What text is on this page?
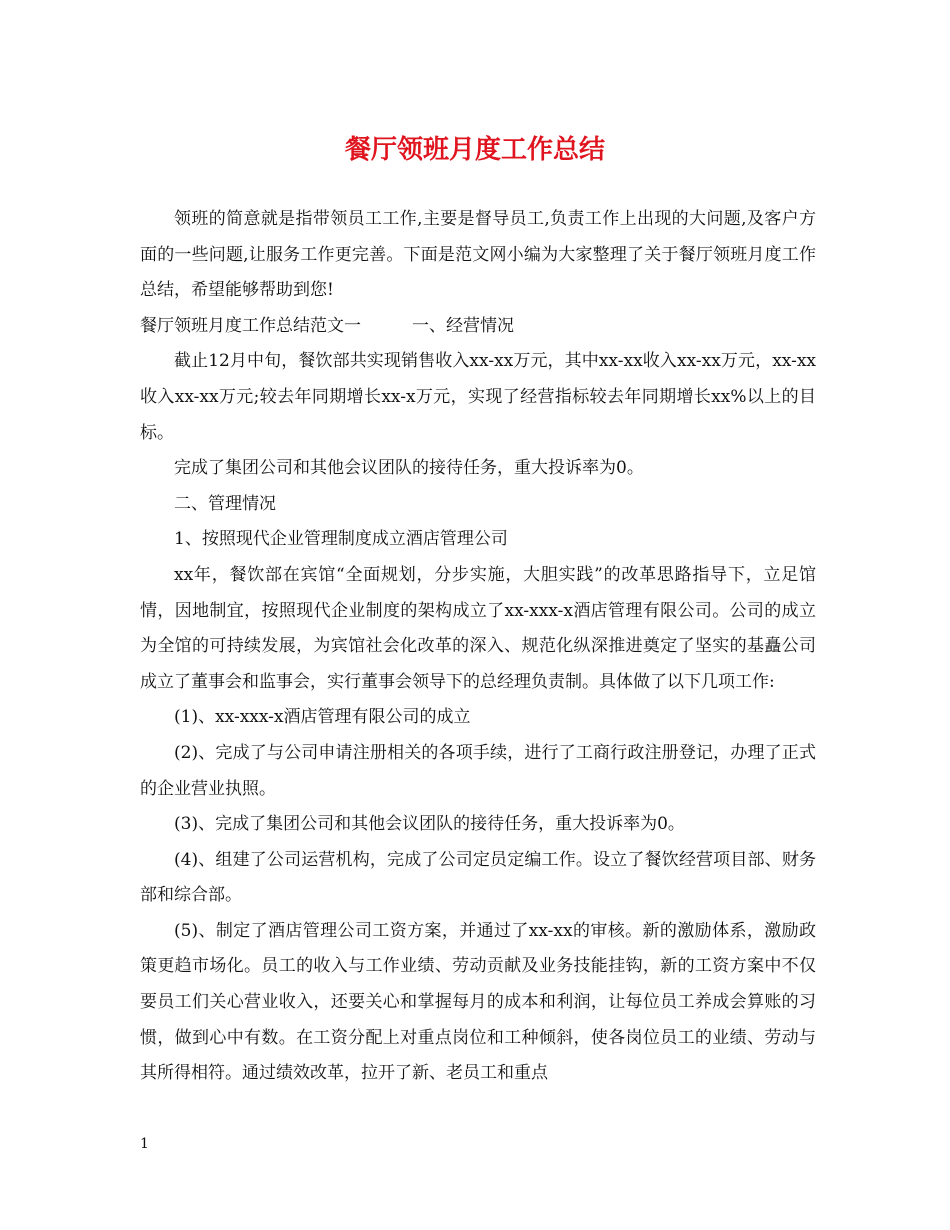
餐厅领班月度工作总结

领班的简意就是指带领员工工作,主要是督导员工,负责工作上出现的大问题,及客户方面的一些问题,让服务工作更完善。下面是范文网小编为大家整理了关于餐厅领班月度工作总结，希望能够帮助到您!

餐厅领班月度工作总结范文一　　　一、经营情况

截止12月中旬，餐饮部共实现销售收入xx-xx万元，其中xx-xx收入xx-xx万元，xx-xx收入xx-xx万元;较去年同期增长xx-x万元，实现了经营指标较去年同期增长xx%以上的目标。

完成了集团公司和其他会议团队的接待任务，重大投诉率为0。

二、管理情况

1、按照现代企业管理制度成立酒店管理公司

xx年，餐饮部在宾馆“全面规划，分步实施，大胆实践”的改革思路指导下，立足馆情，因地制宜，按照现代企业制度的架构成立了xx-xxx-x酒店管理有限公司。公司的成立为全馆的可持续发展，为宾馆社会化改革的深入、规范化纵深推进奠定了坚实的基矗公司成立了董事会和监事会，实行董事会领导下的总经理负责制。具体做了以下几项工作:

(1)、xx-xxx-x酒店管理有限公司的成立

(2)、完成了与公司申请注册相关的各项手续，进行了工商行政注册登记，办理了正式的企业营业执照。

(3)、完成了集团公司和其他会议团队的接待任务，重大投诉率为0。

(4)、组建了公司运营机构，完成了公司定员定编工作。设立了餐饮经营项目部、财务部和综合部。

(5)、制定了酒店管理公司工资方案，并通过了xx-xx的审核。新的激励体系，激励政策更趋市场化。员工的收入与工作业绩、劳动贡献及业务技能挂钩，新的工资方案中不仅要员工们关心营业收入，还要关心和掌握每月的成本和利润，让每位员工养成会算账的习惯，做到心中有数。在工资分配上对重点岗位和工种倾斜，使各岗位员工的业绩、劳动与其所得相符。通过绩效改革，拉开了新、老员工和重点

1
